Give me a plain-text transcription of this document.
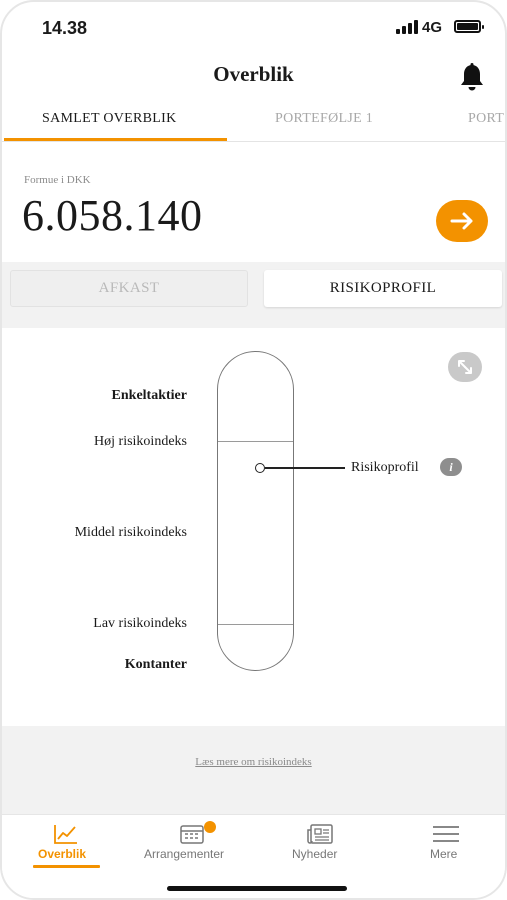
14.38	4G
Overblik
SAMLET OVERBLIK	PORTEFØLJE 1	PORT
Formue i DKK
6.058.140
AFKAST	RISIKOPROFIL
Enkeltaktier
Høj risikoindeks
Middel risikoindeks
Lav risikoindeks
Kontanter
Risikoprofil	i
Læs mere om risikoindeks
Overblik	Arrangementer	Nyheder	Mere
